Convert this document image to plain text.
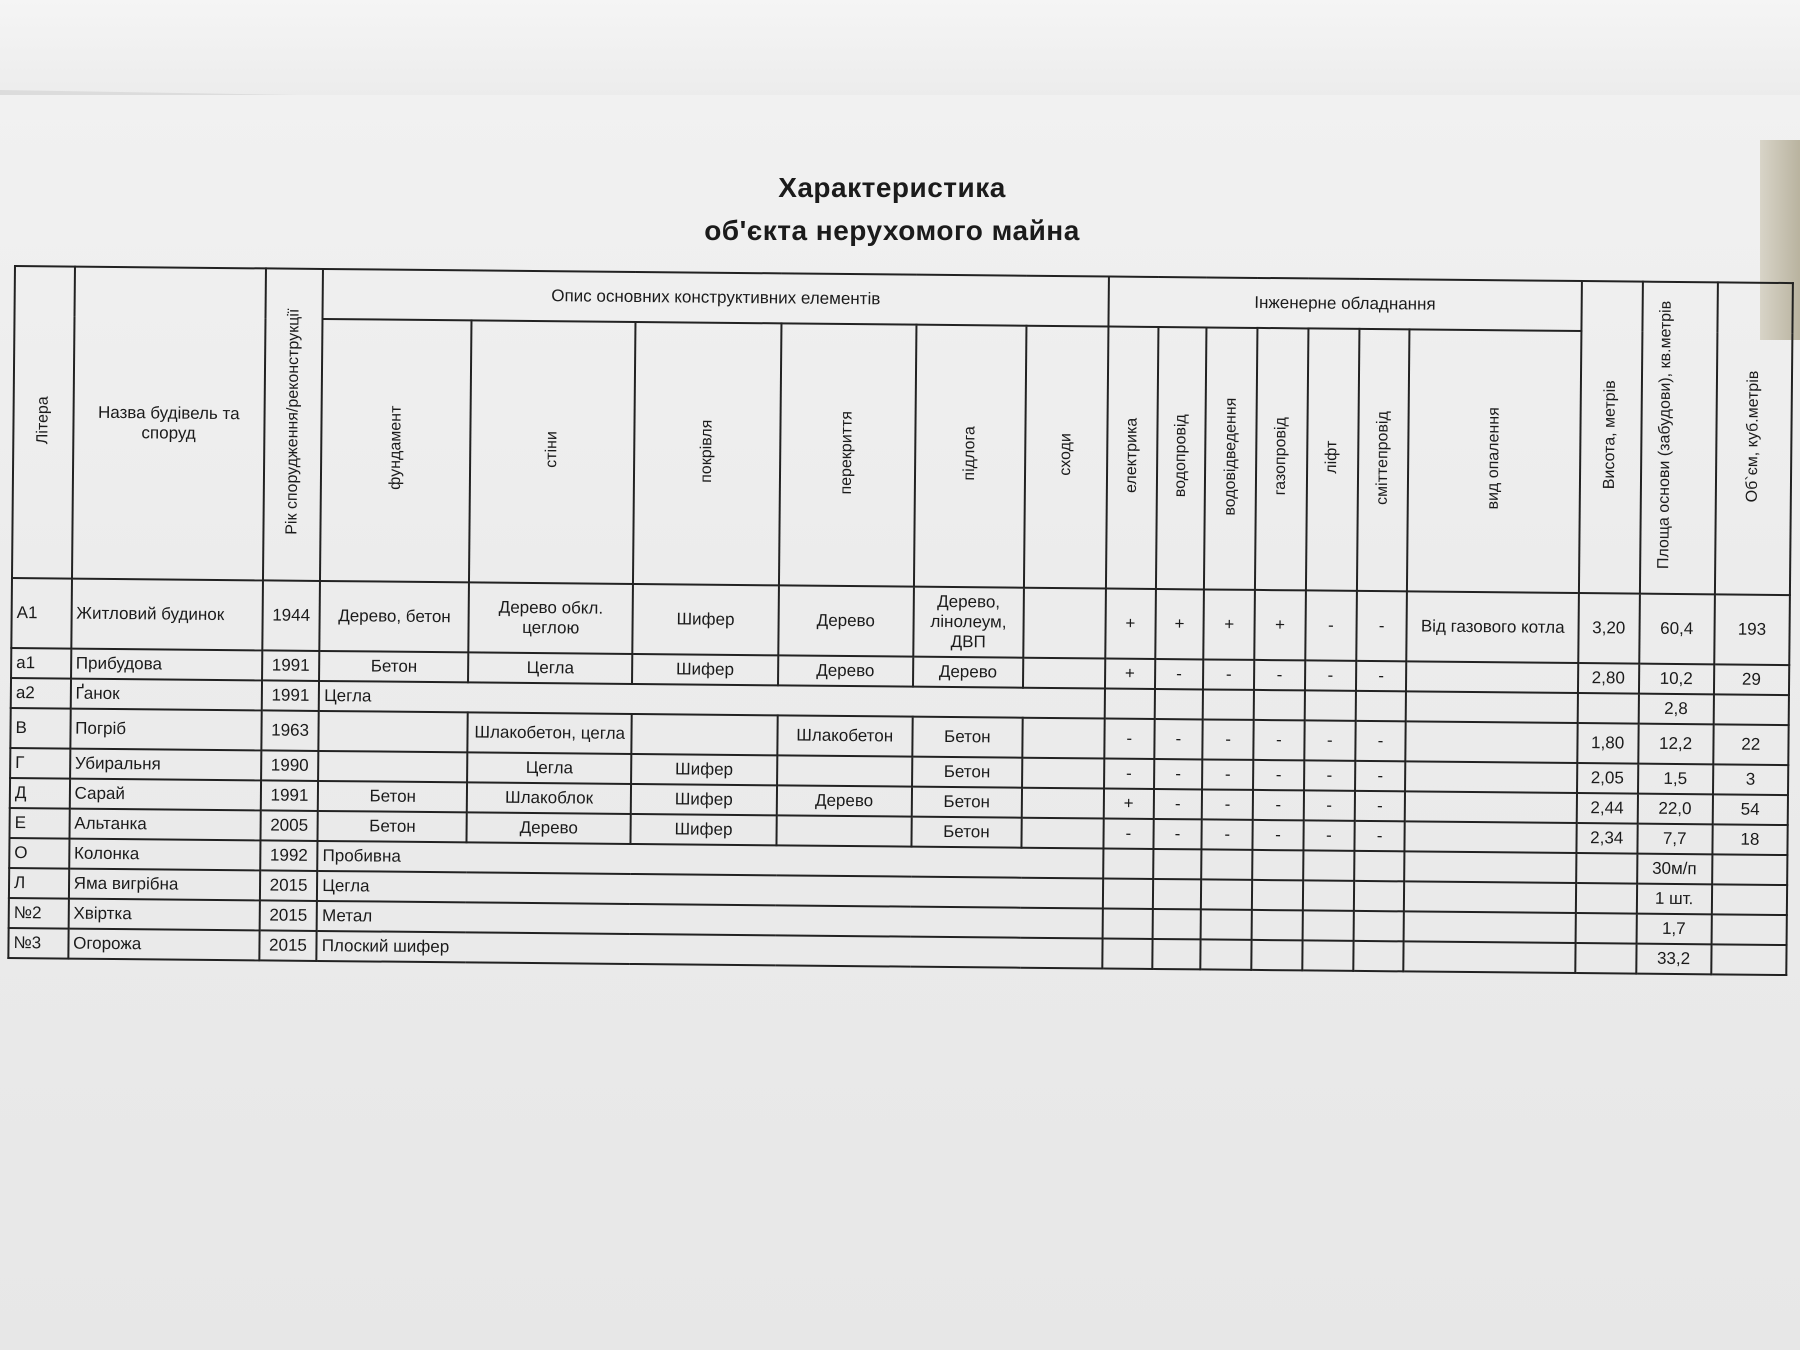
Характеристика
об'єкта нерухомого майна
Літера	Назва будівель та споруд	Рік спорудження/реконструкції	Опис основних конструктивних елементів						Інженерне обладнання							Висота, метрів	Площа основи (забудови), кв.метрів	Об`єм, куб.метрів
			фундамент	стіни	покрівля	перекриття	підлога	сходи	електрика	водопровід	водовідведення	газопровід	ліфт	сміттепровід	вид опалення			
А1	Житловий будинок	1944	Дерево, бетон	Дерево обкл. цеглою	Шифер	Дерево	Дерево, лінолеум, ДВП		+	+	+	+	-	-	Від газового котла	3,20	60,4	193
а1	Прибудова	1991	Бетон	Цегла	Шифер	Дерево	Дерево		+	-	-	-	-	-		2,80	10,2	29
а2	Ґанок	1991	Цегла														2,8	
В	Погріб	1963		Шлакобетон, цегла		Шлакобетон	Бетон		-	-	-	-	-	-		1,80	12,2	22
Г	Убиральня	1990		Цегла	Шифер		Бетон		-	-	-	-	-	-		2,05	1,5	3
Д	Сарай	1991	Бетон	Шлакоблок	Шифер	Дерево	Бетон		+	-	-	-	-	-		2,44	22,0	54
Е	Альтанка	2005	Бетон	Дерево	Шифер		Бетон		-	-	-	-	-	-		2,34	7,7	18
О	Колонка	1992	Пробивна														30м/п	
Л	Яма вигрібна	2015	Цегла														1 шт.	
№2	Хвіртка	2015	Метал														1,7	
№3	Огорожа	2015	Плоский шифер														33,2	
